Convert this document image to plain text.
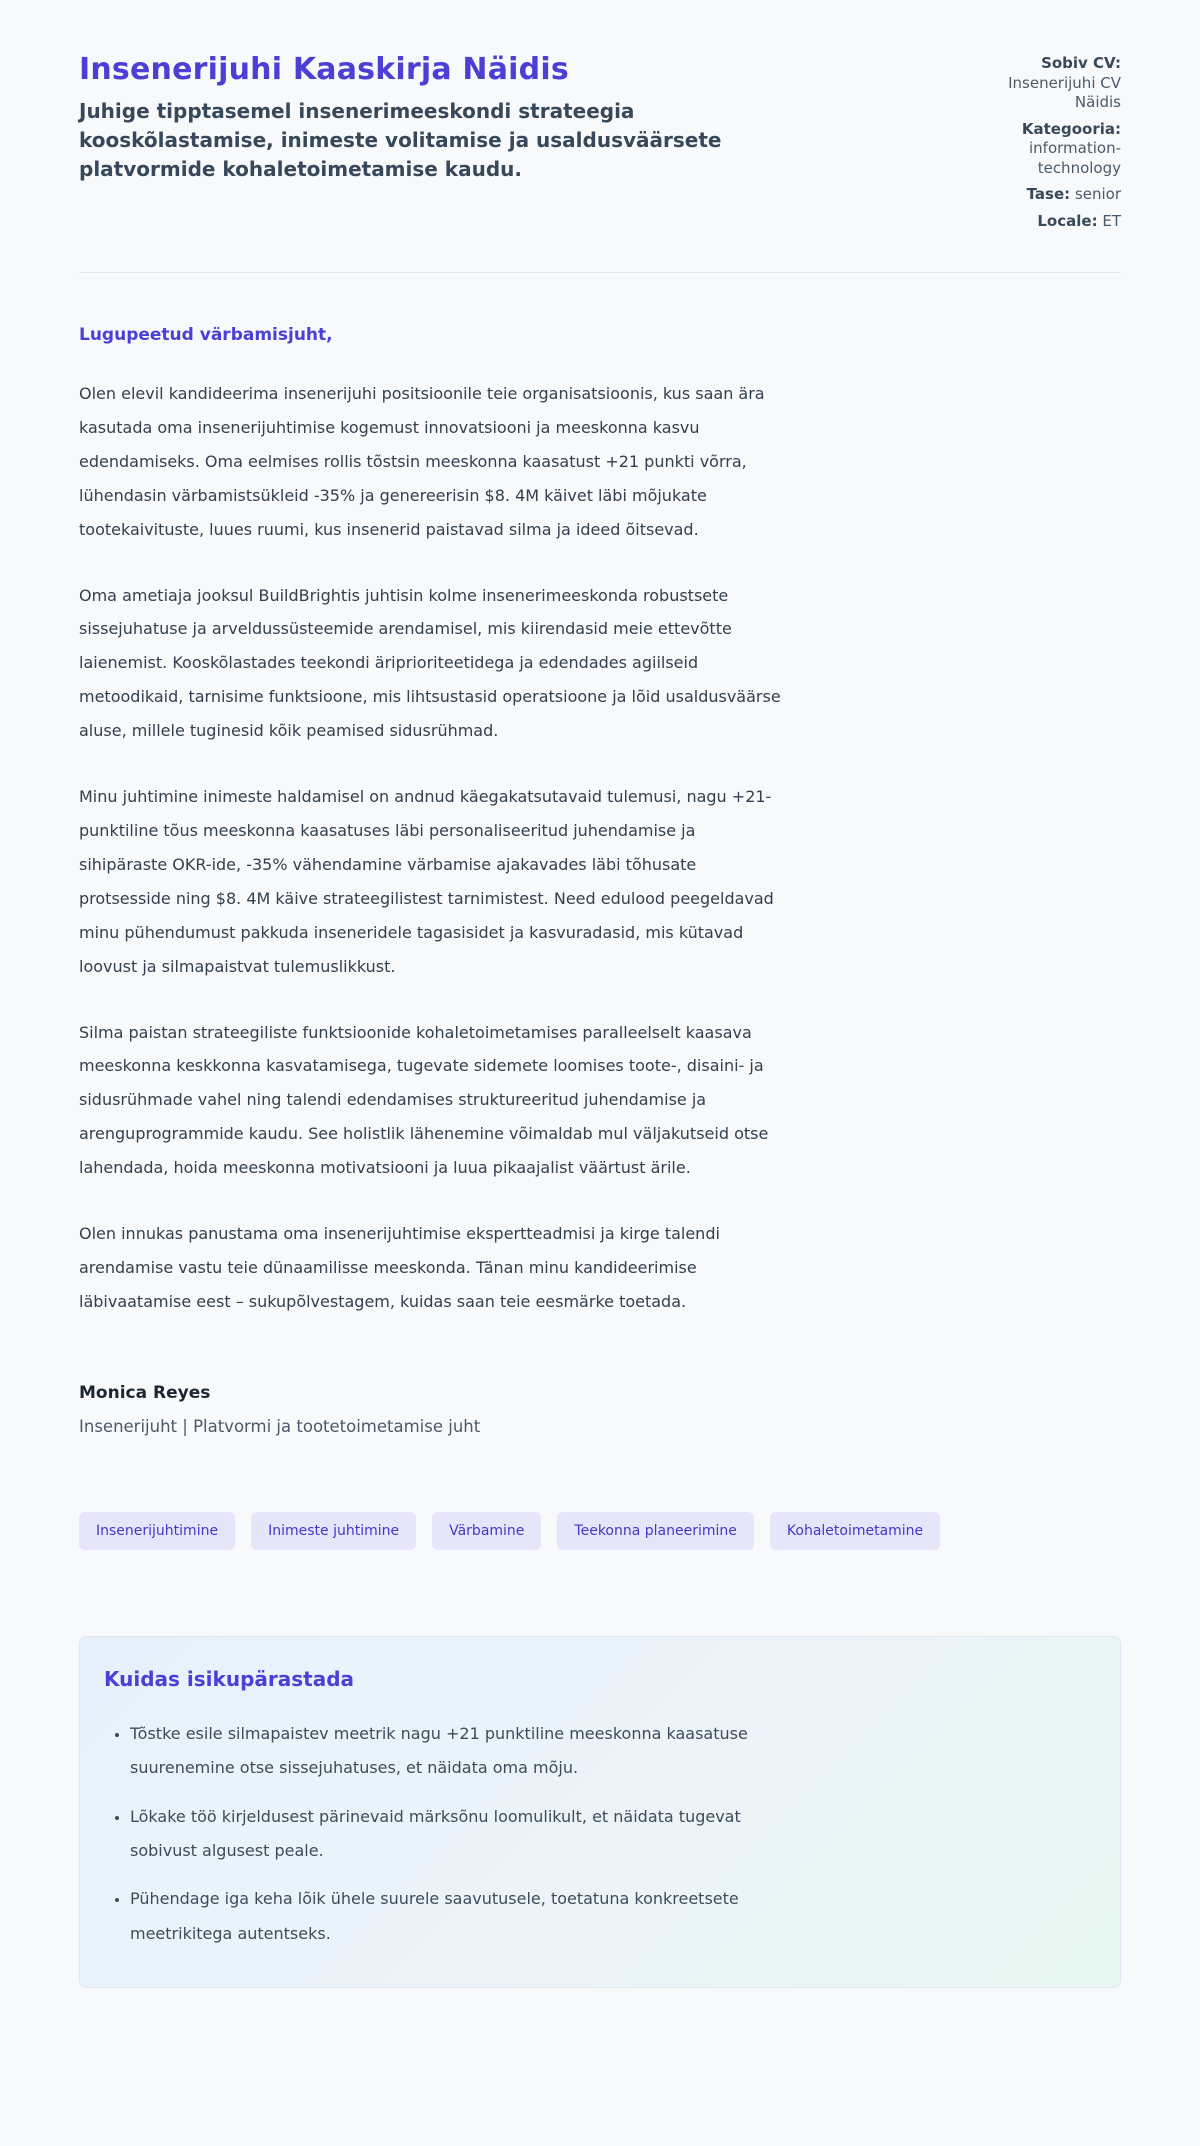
Insenerijuhi Kaaskirja Näidis
Juhige tipptasemel insenerimeeskondi strateegia kooskõlastamise, inimeste volitamise ja usaldusväärsete platvormide kohaletoimetamise kaudu.
Sobiv CV: Insenerijuhi CV Näidis
Kategooria: information-technology
Tase: senior
Locale: ET
Lugupeetud värbamisjuht,

Olen elevil kandideerima insenerijuhi positsioonile teie organisatsioonis, kus saan ära kasutada oma insenerijuhtimise kogemust innovatsiooni ja meeskonna kasvu edendamiseks. Oma eelmises rollis tõstsin meeskonna kaasatust +21 punkti võrra, lühendasin värbamistsükleid -35% ja genereerisin $8. 4M käivet läbi mõjukate tootekaivituste, luues ruumi, kus insenerid paistavad silma ja ideed õitsevad.

Oma ametiaja jooksul BuildBrightis juhtisin kolme insenerimeeskonda robustsete sissejuhatuse ja arveldussüsteemide arendamisel, mis kiirendasid meie ettevõtte laienemist. Kooskõlastades teekondi äriprioriteetidega ja edendades agiilseid metoodikaid, tarnisime funktsioone, mis lihtsustasid operatsioone ja lõid usaldusväärse aluse, millele tuginesid kõik peamised sidusrühmad.

Minu juhtimine inimeste haldamisel on andnud käegakatsutavaid tulemusi, nagu +21-punktiline tõus meeskonna kaasatuses läbi personaliseeritud juhendamise ja sihipäraste OKR-ide, -35% vähendamine värbamise ajakavades läbi tõhusate protsesside ning $8. 4M käive strateegilistest tarnimistest. Need edulood peegeldavad minu pühendumust pakkuda inseneridele tagasisidet ja kasvuradasid, mis kütavad loovust ja silmapaistvat tulemuslikkust.

Silma paistan strateegiliste funktsioonide kohaletoimetamises paralleelselt kaasava meeskonna keskkonna kasvatamisega, tugevate sidemete loomises toote-, disaini- ja sidusrühmade vahel ning talendi edendamises struktureeritud juhendamise ja arenguprogrammide kaudu. See holistlik lähenemine võimaldab mul väljakutseid otse lahendada, hoida meeskonna motivatsiooni ja luua pikaajalist väärtust ärile.

Olen innukas panustama oma insenerijuhtimise ekspertteadmisi ja kirge talendi arendamise vastu teie dünaamilisse meeskonda. Tänan minu kandideerimise läbivaatamise eest – sukupõlvestagem, kuidas saan teie eesmärke toetada.

Monica Reyes
Insenerijuht | Platvormi ja tootetoimetamise juht
Insenerijuhtimine	Inimeste juhtimine	Värbamine	Teekonna planeerimine	Kohaletoimetamine
Kuidas isikupärastada
• Tõstke esile silmapaistev meetrik nagu +21 punktiline meeskonna kaasatuse suurenemine otse sissejuhatuses, et näidata oma mõju.
• Lõkake töö kirjeldusest pärinevaid märksõnu loomulikult, et näidata tugevat sobivust algusest peale.
• Pühendage iga keha lõik ühele suurele saavutusele, toetatuna konkreetsete meetrikitega autentseks.
